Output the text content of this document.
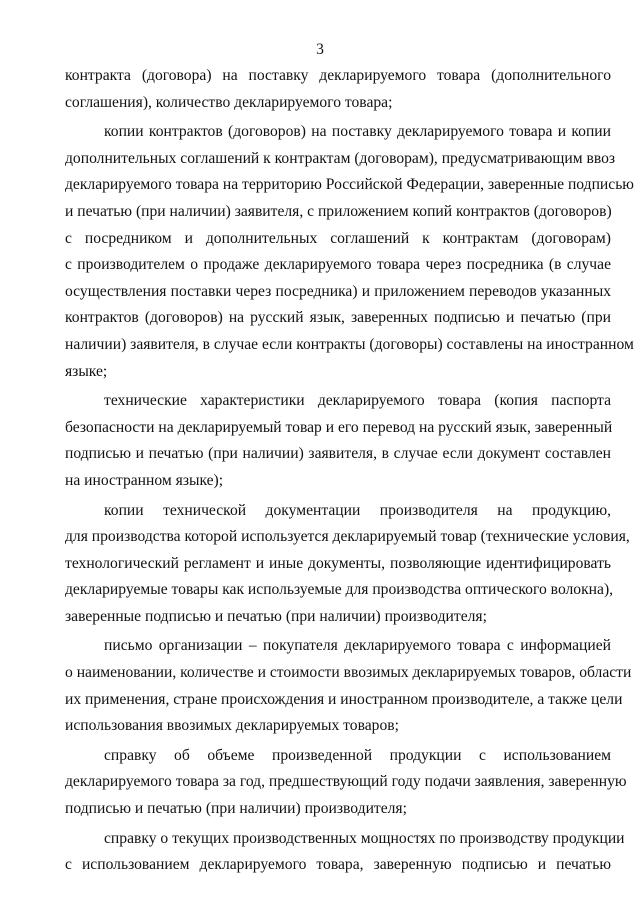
3
контракта (договора) на поставку декларируемого товара (дополнительного
соглашения), количество декларируемого товара;
копии контрактов (договоров) на поставку декларируемого товара и копии
дополнительных соглашений к контрактам (договорам), предусматривающим ввоз
декларируемого товара на территорию Российской Федерации, заверенные подписью
и печатью (при наличии) заявителя, с приложением копий контрактов (договоров)
с посредником и дополнительных соглашений к контрактам (договорам)
с производителем о продаже декларируемого товара через посредника (в случае
осуществления поставки через посредника) и приложением переводов указанных
контрактов (договоров) на русский язык, заверенных подписью и печатью (при
наличии) заявителя, в случае если контракты (договоры) составлены на иностранном
языке;
технические характеристики декларируемого товара (копия паспорта
безопасности на декларируемый товар и его перевод на русский язык, заверенный
подписью и печатью (при наличии) заявителя, в случае если документ составлен
на иностранном языке);
копии технической документации производителя на продукцию,
для производства которой используется декларируемый товар (технические условия,
технологический регламент и иные документы, позволяющие идентифицировать
декларируемые товары как используемые для производства оптического волокна),
заверенные подписью и печатью (при наличии) производителя;
письмо организации – покупателя декларируемого товара с информацией
о наименовании, количестве и стоимости ввозимых декларируемых товаров, области
их применения, стране происхождения и иностранном производителе, а также цели
использования ввозимых декларируемых товаров;
справку об объеме произведенной продукции с использованием
декларируемого товара за год, предшествующий году подачи заявления, заверенную
подписью и печатью (при наличии) производителя;
справку о текущих производственных мощностях по производству продукции
с использованием декларируемого товара, заверенную подписью и печатью
